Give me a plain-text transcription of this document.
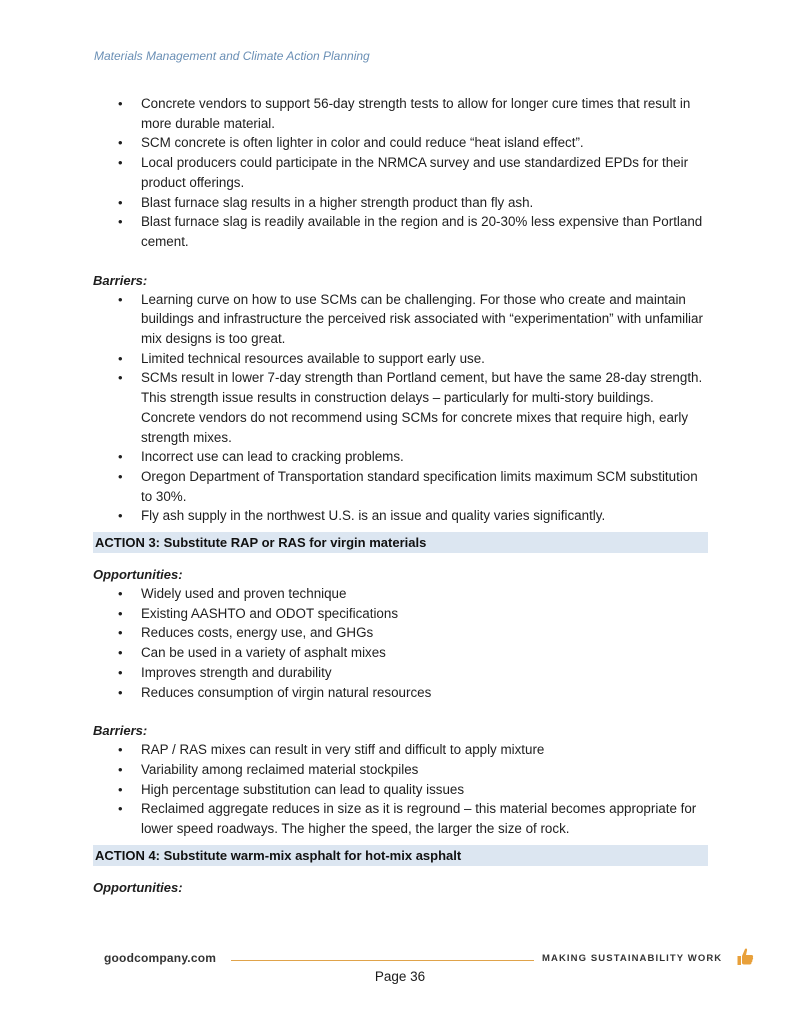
Materials Management and Climate Action Planning
• Concrete vendors to support 56-day strength tests to allow for longer cure times that result in more durable material.
• SCM concrete is often lighter in color and could reduce “heat island effect”.
• Local producers could participate in the NRMCA survey and use standardized EPDs for their product offerings.
• Blast furnace slag results in a higher strength product than fly ash.
• Blast furnace slag is readily available in the region and is 20-30% less expensive than Portland cement.
Barriers:
• Learning curve on how to use SCMs can be challenging. For those who create and maintain buildings and infrastructure the perceived risk associated with “experimentation” with unfamiliar mix designs is too great.
• Limited technical resources available to support early use.
• SCMs result in lower 7-day strength than Portland cement, but have the same 28-day strength. This strength issue results in construction delays – particularly for multi-story buildings. Concrete vendors do not recommend using SCMs for concrete mixes that require high, early strength mixes.
• Incorrect use can lead to cracking problems.
• Oregon Department of Transportation standard specification limits maximum SCM substitution to 30%.
• Fly ash supply in the northwest U.S. is an issue and quality varies significantly.
ACTION 3: Substitute RAP or RAS for virgin materials
Opportunities:
• Widely used and proven technique
• Existing AASHTO and ODOT specifications
• Reduces costs, energy use, and GHGs
• Can be used in a variety of asphalt mixes
• Improves strength and durability
• Reduces consumption of virgin natural resources
Barriers:
• RAP / RAS mixes can result in very stiff and difficult to apply mixture
• Variability among reclaimed material stockpiles
• High percentage substitution can lead to quality issues
• Reclaimed aggregate reduces in size as it is reground – this material becomes appropriate for lower speed roadways. The higher the speed, the larger the size of rock.
ACTION 4: Substitute warm-mix asphalt for hot-mix asphalt
Opportunities:
goodcompany.com	MAKING SUSTAINABILITY WORK
Page 36
